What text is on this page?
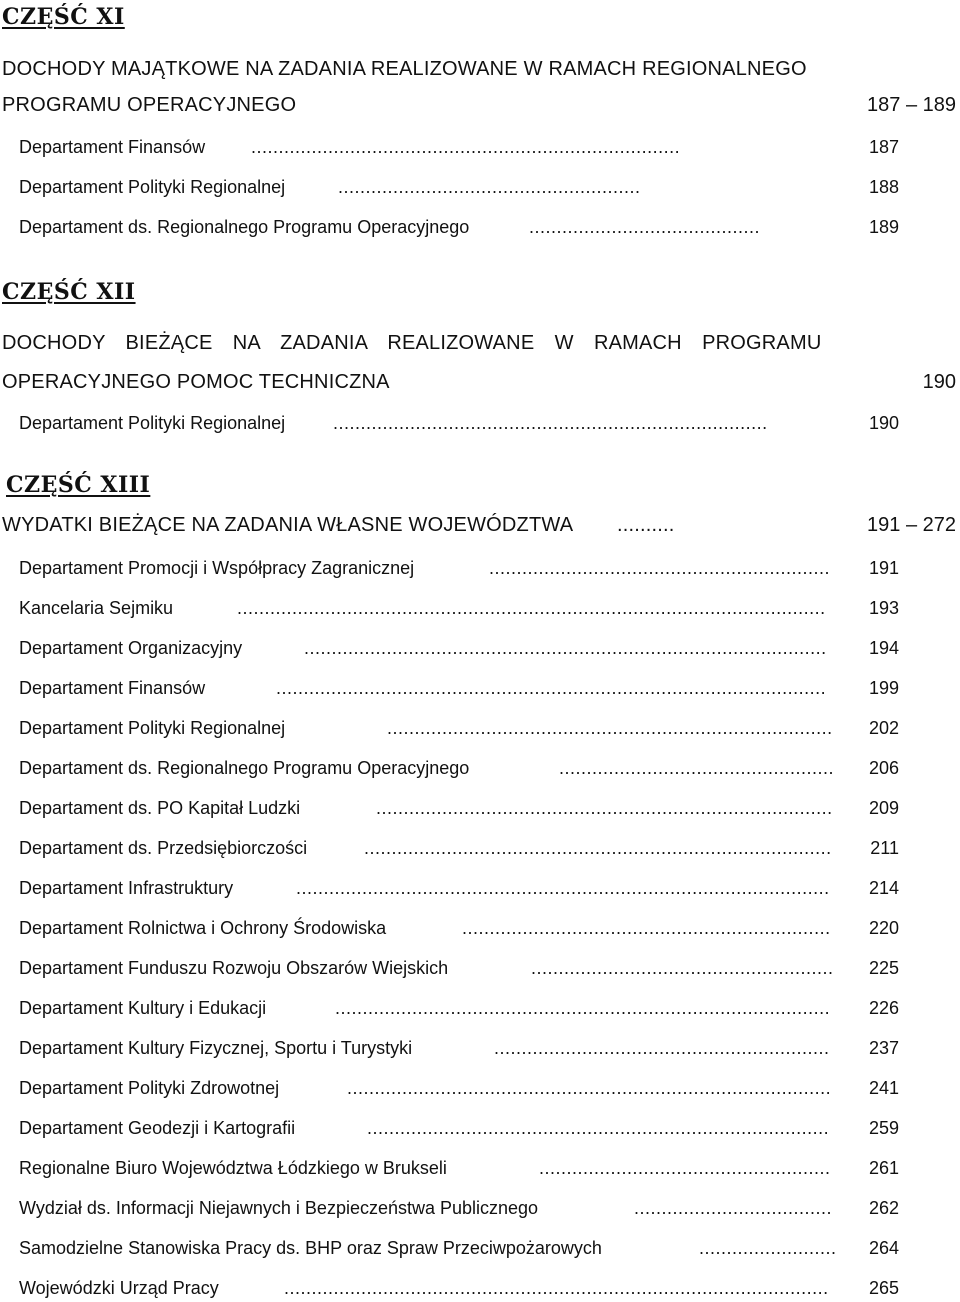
CZĘŚĆ XI
DOCHODY MAJĄTKOWE NA ZADANIA REALIZOWANE W RAMACH REGIONALNEGO
PROGRAMU OPERACYJNEGO	187 – 189
Departament Finansów	..............................................................................	187
Departament Polityki Regionalnej	.......................................................	188
Departament ds. Regionalnego Programu Operacyjnego	..........................................	189
CZĘŚĆ XII
DOCHODY BIEŻĄCE NA ZADANIA REALIZOWANE W RAMACH PROGRAMU
OPERACYJNEGO POMOC TECHNICZNA	190
Departament Polityki Regionalnej	...............................................................................	190
CZĘŚĆ XIII
WYDATKI BIEŻĄCE NA ZADANIA WŁASNE WOJEWÓDZTWA ..........	191 – 272
Departament Promocji i Współpracy Zagranicznej	.............................................................. 191
Kancelaria Sejmiku	........................................................................................................... 193
Departament Organizacyjny	............................................................................................... 194
Departament Finansów	.................................................................................................... 199
Departament Polityki Regionalnej	................................................................................. 202
Departament ds. Regionalnego Programu Operacyjnego	.................................................. 206
Departament ds. PO Kapitał Ludzki	................................................................................... 209
Departament ds. Przedsiębiorczości	..................................................................................... 211
Departament Infrastruktury	................................................................................................. 214
Departament Rolnictwa i Ochrony Środowiska	................................................................... 220
Departament Funduszu Rozwoju Obszarów Wiejskich	....................................................... 225
Departament Kultury i Edukacji	.......................................................................................... 226
Departament Kultury Fizycznej, Sportu i Turystyki	............................................................. 237
Departament Polityki Zdrowotnej	........................................................................................ 241
Departament Geodezji i Kartografii	.................................................................................... 259
Regionalne Biuro Województwa Łódzkiego w Brukseli	..................................................... 261
Wydział ds. Informacji Niejawnych i Bezpieczeństwa Publicznego	.................................... 262
Samodzielne Stanowiska Pracy ds. BHP oraz Spraw Przeciwpożarowych	......................... 264
Wojewódzki Urząd Pracy	................................................................................................... 265
